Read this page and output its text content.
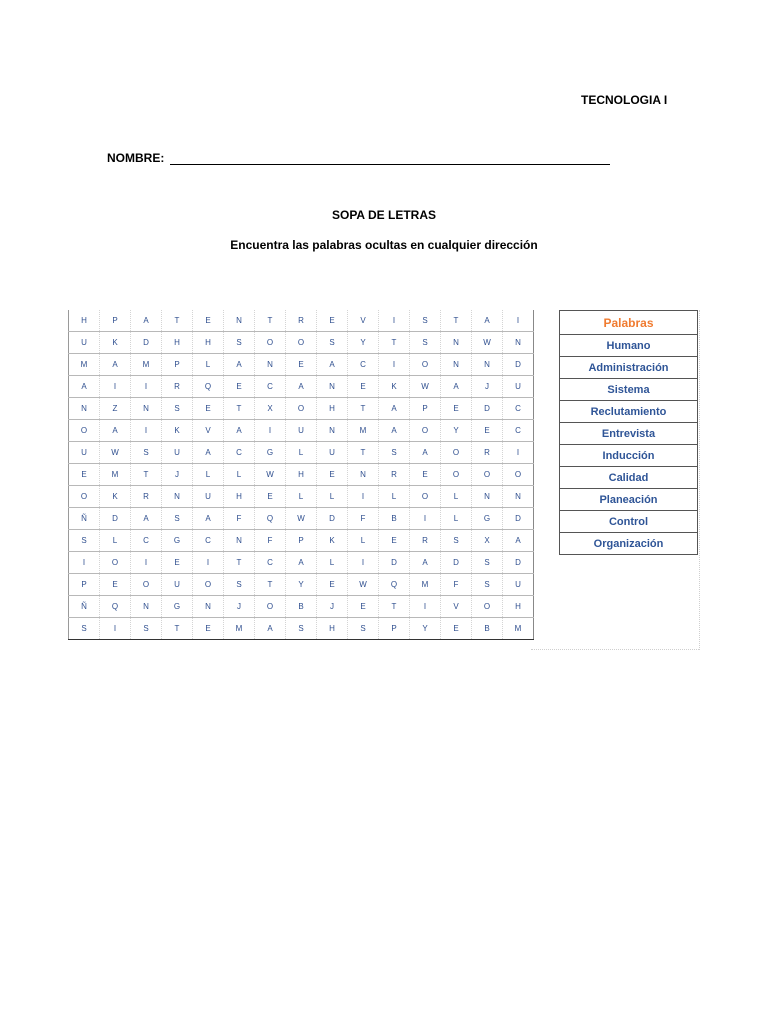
TECNOLOGIA I
NOMBRE:
SOPA DE LETRAS
Encuentra las palabras ocultas en cualquier dirección
H	P	A	T	E	N	T	R	E	V	I	S	T	A	I
U	K	D	H	H	S	O	O	S	Y	T	S	N	W	N
M	A	M	P	L	A	N	E	A	C	I	O	N	N	D
A	I	I	R	Q	E	C	A	N	E	K	W	A	J	U
N	Z	N	S	E	T	X	O	H	T	A	P	E	D	C
O	A	I	K	V	A	I	U	N	M	A	O	Y	E	C
U	W	S	U	A	C	G	L	U	T	S	A	O	R	I
E	M	T	J	L	L	W	H	E	N	R	E	O	O	O
O	K	R	N	U	H	E	L	L	I	L	O	L	N	N
Ñ	D	A	S	A	F	Q	W	D	F	B	I	L	G	D
S	L	C	G	C	N	F	P	K	L	E	R	S	X	A
I	O	I	E	I	T	C	A	L	I	D	A	D	S	D
P	E	O	U	O	S	T	Y	E	W	Q	M	F	S	U
Ñ	Q	N	G	N	J	O	B	J	E	T	I	V	O	H
S	I	S	T	E	M	A	S	H	S	P	Y	E	B	M
Palabras
Humano
Administración
Sistema
Reclutamiento
Entrevista
Inducción
Calidad
Planeación
Control
Organización
